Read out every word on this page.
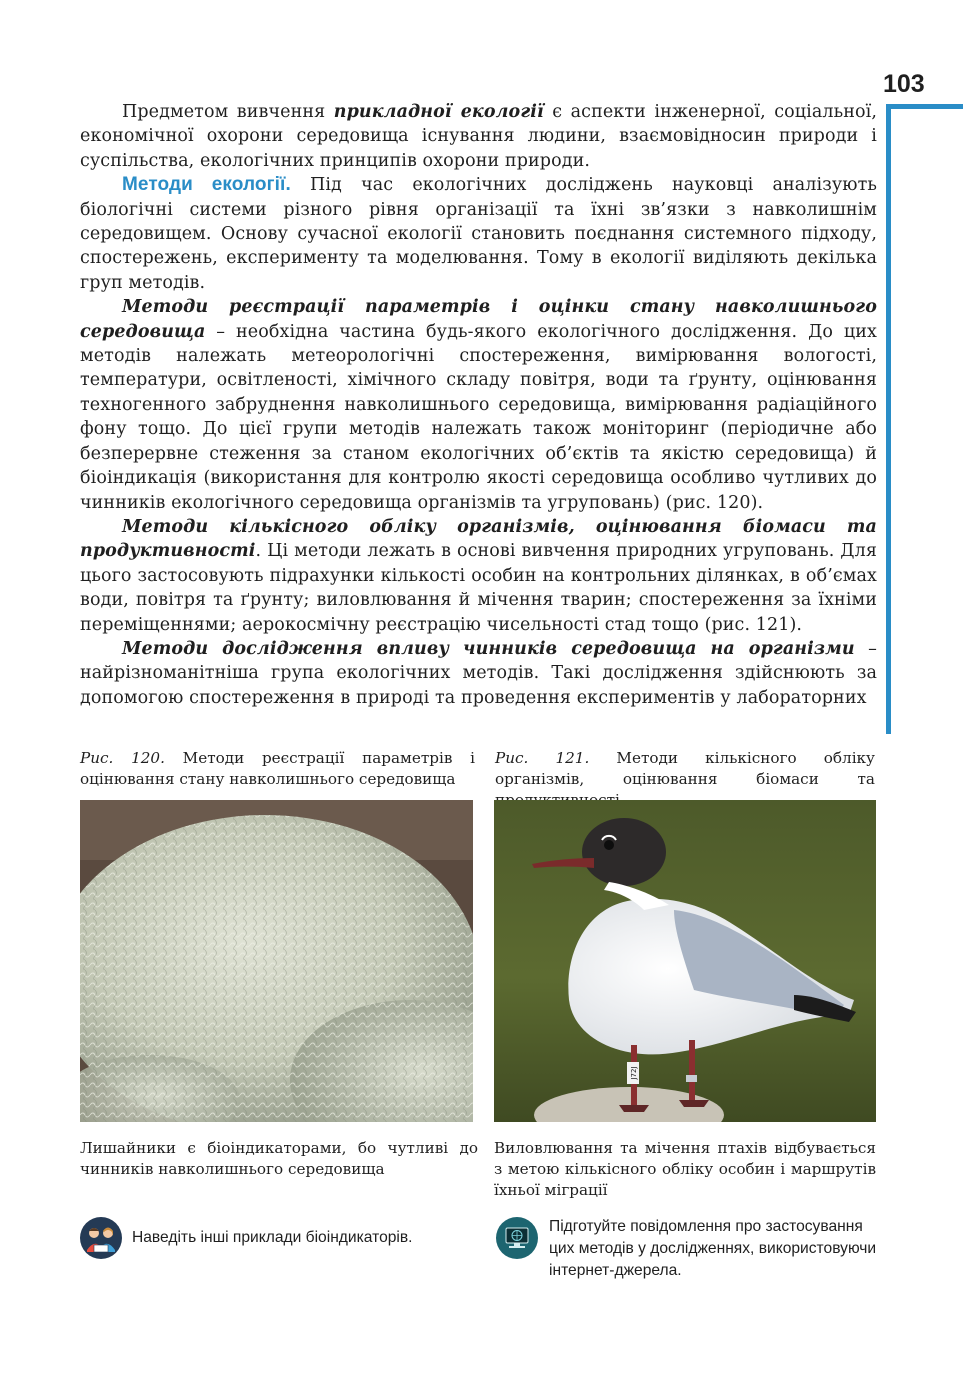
103

Предметом вивчення прикладної екології є аспекти інженерної, соціальної, економічної охорони середовища існування людини, взаємовідносин природи і суспільства, екологічних принципів охорони природи.

Методи екології. Під час екологічних досліджень науковці аналізують біологічні системи різного рівня організації та їхні зв’язки з навколишнім середовищем. Основу сучасної екології становить поєднання системного підходу, спостережень, експерименту та моделювання. Тому в екології виділяють декілька груп методів.

Методи реєстрації параметрів і оцінки стану навколишнього середовища – необхідна частина будь-якого екологічного дослідження. До цих методів належать метеорологічні спостереження, вимірювання вологості, температури, освітленості, хімічного складу повітря, води та ґрунту, оцінювання техногенного забруднення навколишнього середовища, вимірювання радіаційного фону тощо. До цієї групи методів належать також моніторинг (періодичне або безперервне стеження за станом екологічних об’єктів та якістю середовища) й біоіндикація (використання для контролю якості середовища особливо чутливих до чинників екологічного середовища організмів та угруповань) (рис. 120).

Методи кількісного обліку організмів, оцінювання біомаси та продуктивності. Ці методи лежать в основі вивчення природних угруповань. Для цього застосовують підрахунки кількості особин на контрольних ділянках, в об’ємах води, повітря та ґрунту; виловлювання й мічення тварин; спостереження за їхніми переміщеннями; аерокосмічну реєстрацію чисельності стад тощо (рис. 121).

Методи дослідження впливу чинників середовища на організми – найрізноманітніша група екологічних методів. Такі дослідження здійснюють за допомогою спостереження в природі та проведення експериментів у лабораторних

Рис. 120. Методи реєстрації параметрів і оцінювання стану навколишнього середовища
Рис. 121. Методи кількісного обліку організмів, оцінювання біомаси та
J72J
Лишайники є біоіндикаторами, бо чутливі до чинників навколишнього середовища
Виловлювання та мічення птахів відбувається з метою кількісного обліку особин і маршрутів їхньої міграції
Наведіть інші приклади біоіндикаторів.
Підготуйте повідомлення про застосування цих методів у дослідженнях, використовуючи інтернет-джерела.
